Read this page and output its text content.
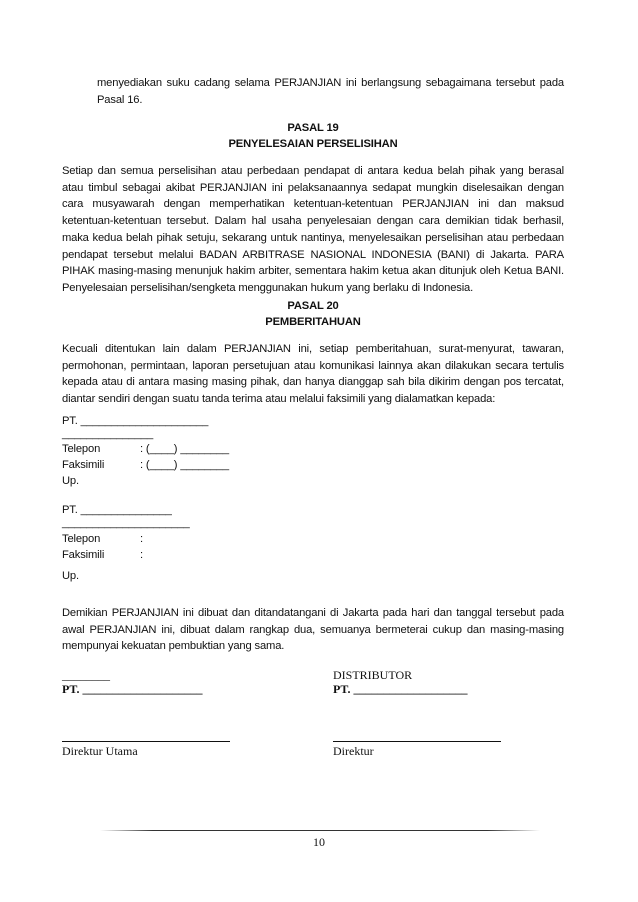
menyediakan suku cadang selama PERJANJIAN ini berlangsung sebagaimana tersebut pada Pasal 16.
PASAL 19
PENYELESAIAN PERSELISIHAN
Setiap dan semua perselisihan atau perbedaan pendapat di antara kedua belah pihak yang berasal atau timbul sebagai akibat PERJANJIAN ini pelaksanaannya sedapat mungkin diselesaikan dengan cara musyawarah dengan memperhatikan ketentuan-ketentuan PERJANJIAN ini dan maksud ketentuan-ketentuan tersebut. Dalam hal usaha penyelesaian dengan cara demikian tidak berhasil, maka kedua belah pihak setuju, sekarang untuk nantinya, menyelesaikan perselisihan atau perbedaan pendapat tersebut melalui BADAN ARBITRASE NASIONAL INDONESIA (BANI) di Jakarta. PARA PIHAK masing-masing menunjuk hakim arbiter, sementara hakim ketua akan ditunjuk oleh Ketua BANI. Penyelesaian perselisihan/sengketa menggunakan hukum yang berlaku di Indonesia.
PASAL 20
PEMBERITAHUAN
Kecuali ditentukan lain dalam PERJANJIAN ini, setiap pemberitahuan, surat-menyurat, tawaran, permohonan, permintaan, laporan persetujuan atau komunikasi lainnya akan dilakukan secara tertulis kepada atau di antara masing masing pihak, dan hanya dianggap sah bila dikirim dengan pos tercatat, diantar sendiri dengan suatu tanda terima atau melalui faksimili yang dialamatkan kepada:
PT. _____________________
_______________
Telepon	: (____) ________
Faksimili	: (____) ________
Up.
PT. _______________
_____________________
Telepon	:
Faksimili	:
Up.
Demikian PERJANJIAN ini dibuat dan ditandatangani di Jakarta pada hari dan tanggal tersebut pada awal PERJANJIAN ini, dibuat dalam rangkap dua, semuanya bermeterai cukup dan masing-masing mempunyai kekuatan pembuktian yang sama.
________
PT. ____________________
Direktur Utama
DISTRIBUTOR
PT. ___________________
Direktur
10
